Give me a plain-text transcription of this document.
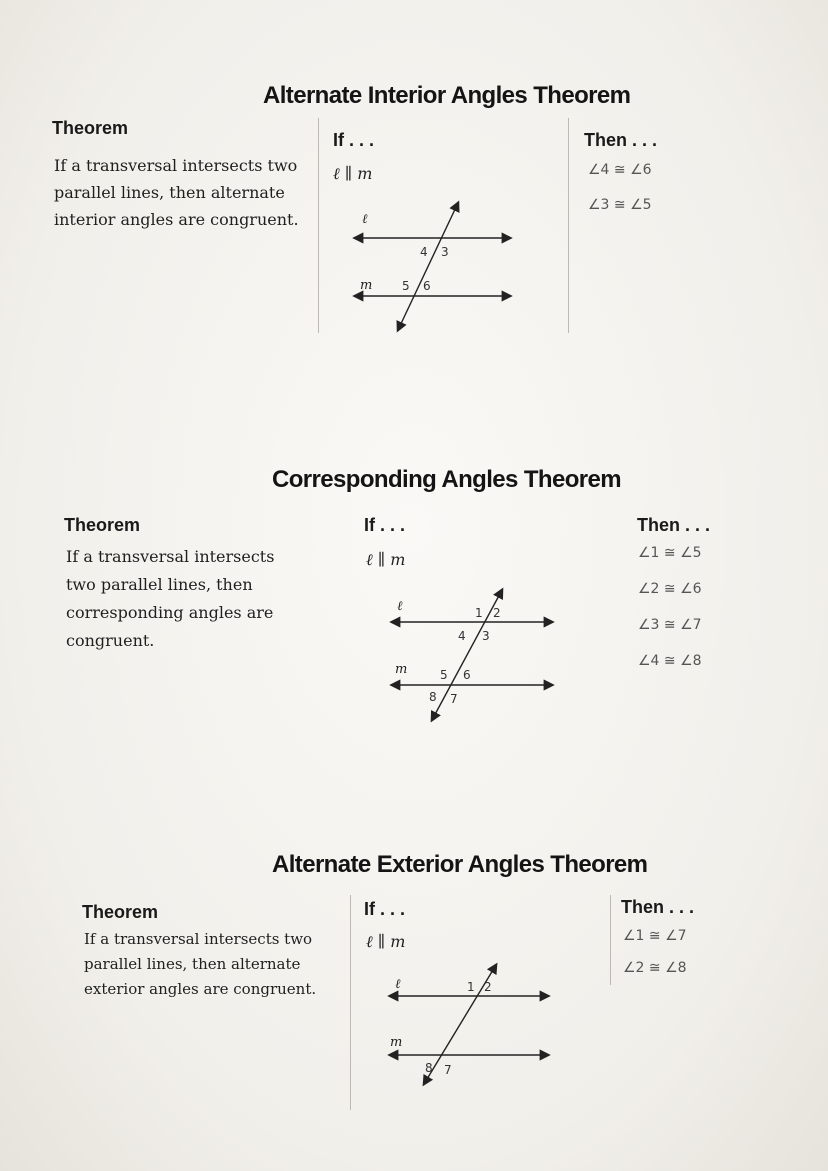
Alternate Interior Angles Theorem
Theorem
If a transversal intersects two
parallel lines, then alternate
interior angles are congruent.
If . . .
ℓ ∥ m
Then . . .
∠4 ≅ ∠6
∠3 ≅ ∠5
ℓ
m
4 3
5 6
Corresponding Angles Theorem
Theorem
If a transversal intersects
two parallel lines, then
corresponding angles are
congruent.
If . . .
ℓ ∥ m
Then . . .
∠1 ≅ ∠5
∠2 ≅ ∠6
∠3 ≅ ∠7
∠4 ≅ ∠8
ℓ
m
1 2
4 3
5 6
8 7
Alternate Exterior Angles Theorem
Theorem
If a transversal intersects two
parallel lines, then alternate
exterior angles are congruent.
If . . .
ℓ ∥ m
Then . . .
∠1 ≅ ∠7
∠2 ≅ ∠8
ℓ
m
1 2
8 7
